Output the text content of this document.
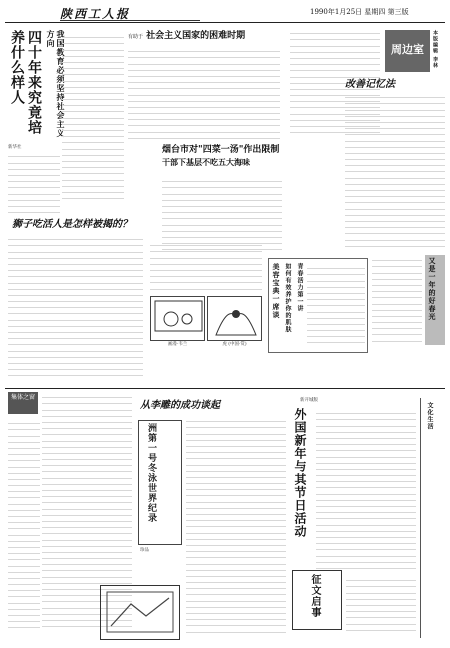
陕西工人报	1990年1月25日 星期四 第三版
四十年来究竟培养什么样人	我国教育必须坚持社会主义方向
新华社
有助于 社会主义国家的困难时期
烟台市对"四菜一汤"作出限制
干部下基层不吃五大海味
周边室	本版编辑 李林
改善记忆法
狮子吃活人是怎样被揭的？
画漫·韦兰	虎 (中国·赏)
美容宝典一席谈 如何有效养护你的肌肤 青春活力第一讲	又是一年的好春光
集体之窗
从李雕的成功谈起
洲第一号冬泳世界纪录
珍品
征文启事
新开城版
外国新年与其节日活动	文化生活
